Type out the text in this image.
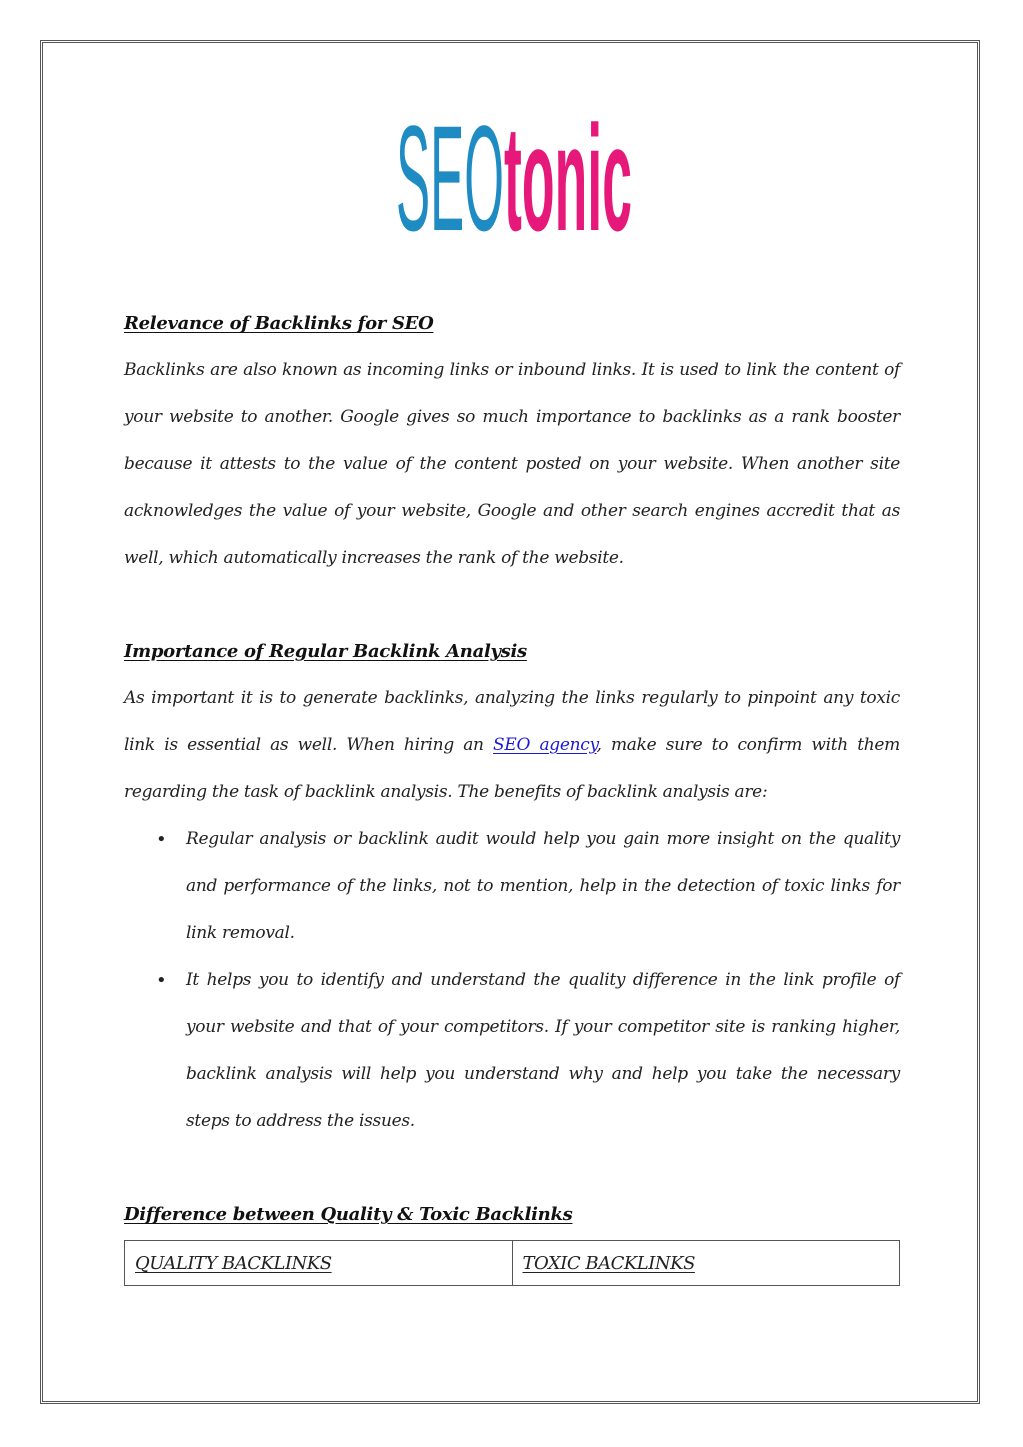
SEO tonic
Relevance of Backlinks for SEO

Backlinks are also known as incoming links or inbound links. It is used to link the content of your website to another. Google gives so much importance to backlinks as a rank booster because it attests to the value of the content posted on your website. When another site acknowledges the value of your website, Google and other search engines accredit that as well, which automatically increases the rank of the website.

Importance of Regular Backlink Analysis

As important it is to generate backlinks, analyzing the links regularly to pinpoint any toxic link is essential as well. When hiring an SEO agency, make sure to confirm with them regarding the task of backlink analysis. The benefits of backlink analysis are:

• Regular analysis or backlink audit would help you gain more insight on the quality and performance of the links, not to mention, help in the detection of toxic links for link removal.
• It helps you to identify and understand the quality difference in the link profile of your website and that of your competitors. If your competitor site is ranking higher, backlink analysis will help you understand why and help you take the necessary steps to address the issues.
Difference between Quality & Toxic Backlinks
QUALITY BACKLINKS	TOXIC BACKLINKS
